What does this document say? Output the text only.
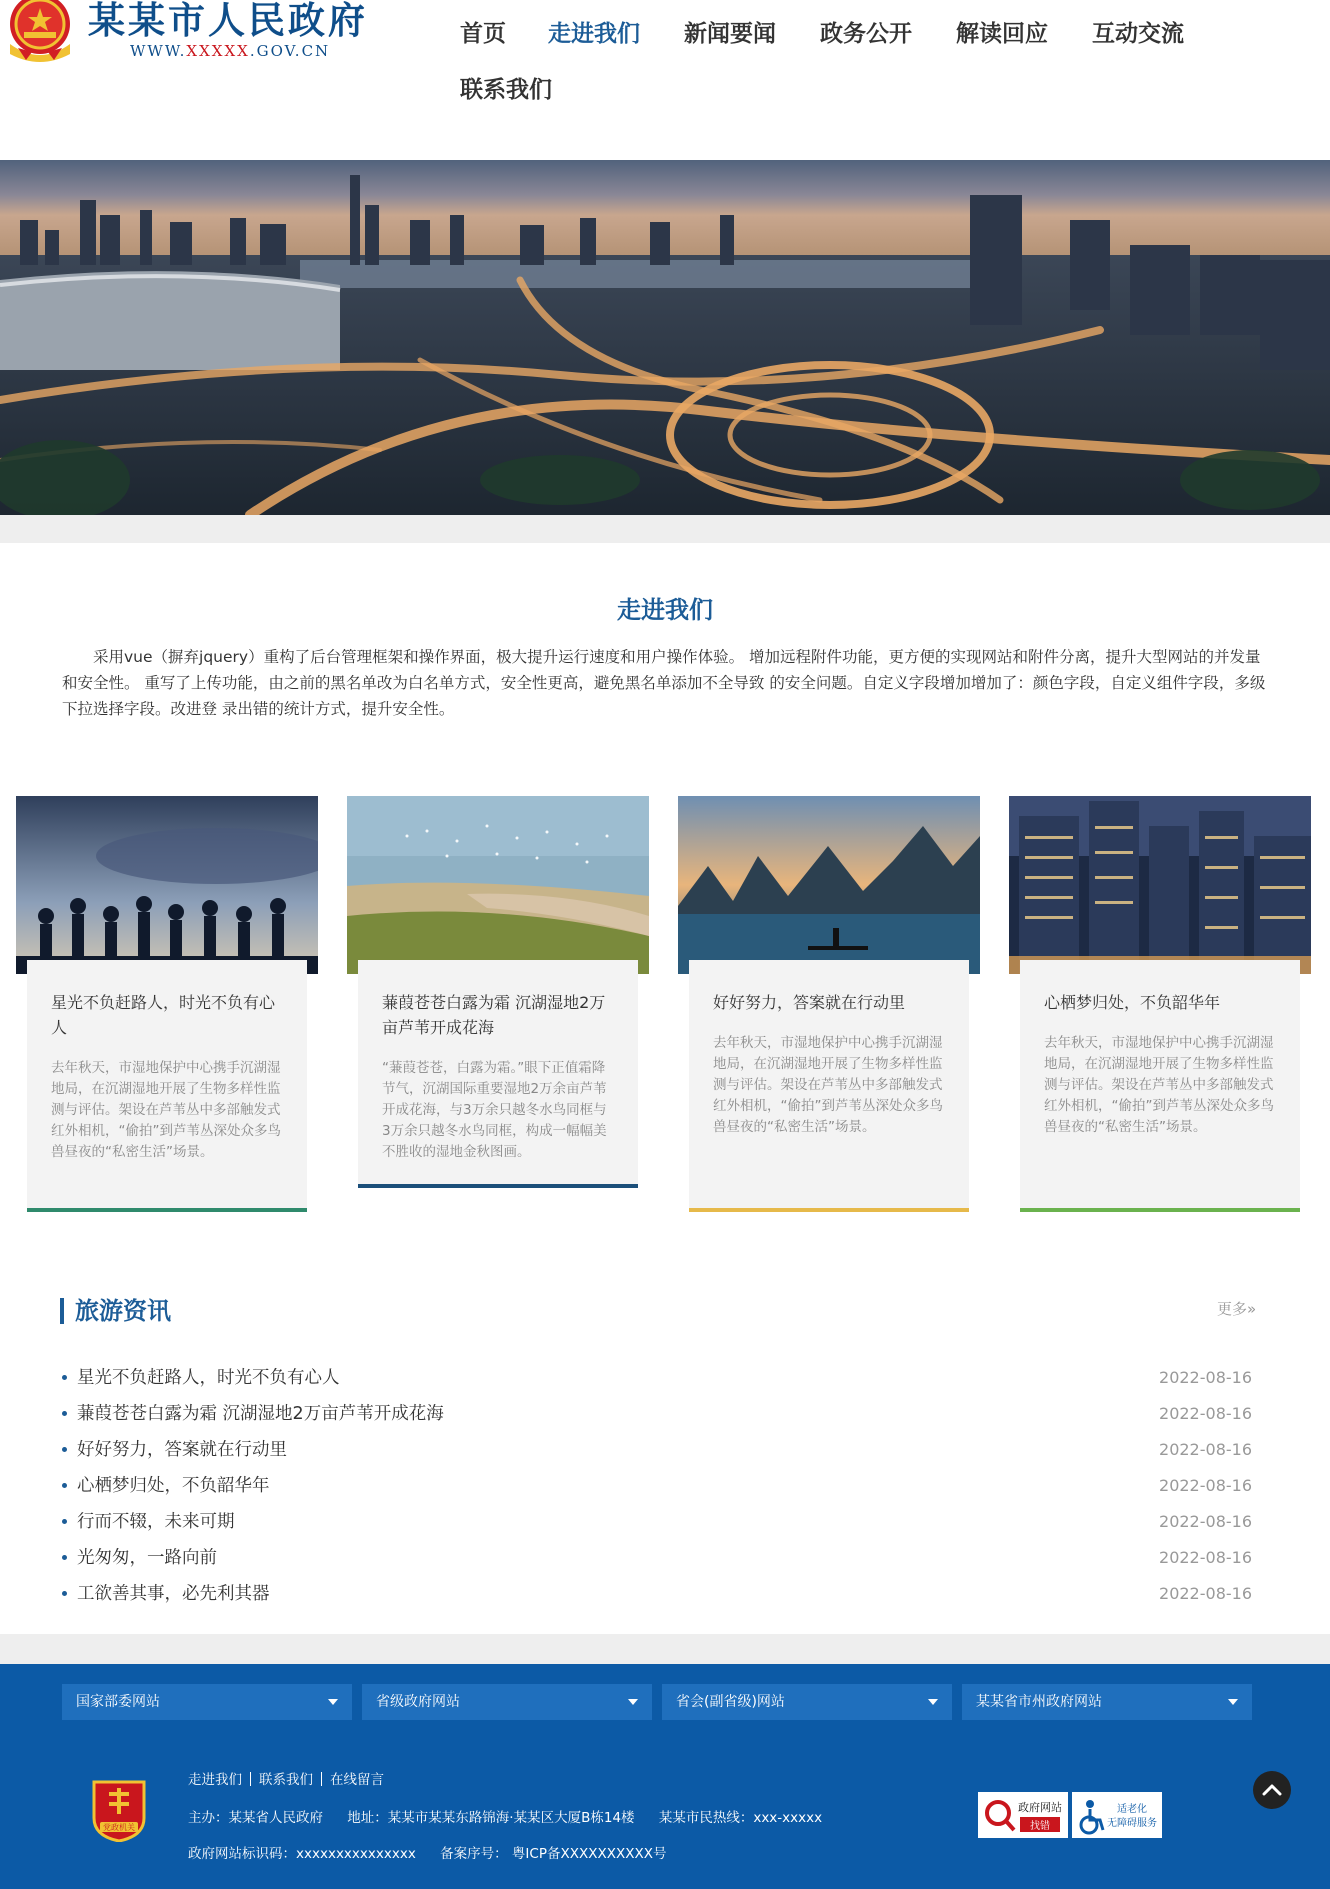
某某市人民政府
WWW.XXXXX.GOV.CN
首页 走进我们 新闻要闻 政务公开 解读回应 互动交流
联系我们
走进我们
采用vue（摒弃jquery）重构了后台管理框架和操作界面，极大提升运行速度和用户操作体验。 增加远程附件功能，更方便的实现网站和附件分离，提升大型网站的并发量和安全性。 重写了上传功能，由之前的黑名单改为白名单方式，安全性更高，避免黑名单添加不全导致 的安全问题。自定义字段增加增加了：颜色字段，自定义组件字段，多级下拉选择字段。改进登 录出错的统计方式，提升安全性。
星光不负赶路人，时光不负有心人
去年秋天，市湿地保护中心携手沉湖湿地局，在沉湖湿地开展了生物多样性监测与评估。架设在芦苇丛中多部触发式红外相机，“偷拍”到芦苇丛深处众多鸟兽昼夜的“私密生活”场景。
蒹葭苍苍白露为霜 沉湖湿地2万亩芦苇开成花海
“蒹葭苍苍，白露为霜。”眼下正值霜降节气，沉湖国际重要湿地2万余亩芦苇开成花海，与3万余只越冬水鸟同框与3万余只越冬水鸟同框，构成一幅幅美不胜收的湿地金秋图画。
好好努力，答案就在行动里
去年秋天，市湿地保护中心携手沉湖湿地局，在沉湖湿地开展了生物多样性监测与评估。架设在芦苇丛中多部触发式红外相机，“偷拍”到芦苇丛深处众多鸟兽昼夜的“私密生活”场景。
心栖梦归处，不负韶华年
去年秋天，市湿地保护中心携手沉湖湿地局，在沉湖湿地开展了生物多样性监测与评估。架设在芦苇丛中多部触发式红外相机，“偷拍”到芦苇丛深处众多鸟兽昼夜的“私密生活”场景。
旅游资讯	更多»
星光不负赶路人，时光不负有心人	2022-08-16
蒹葭苍苍白露为霜 沉湖湿地2万亩芦苇开成花海	2022-08-16
好好努力，答案就在行动里	2022-08-16
心栖梦归处，不负韶华年	2022-08-16
行而不辍，未来可期	2022-08-16
光匆匆，一路向前	2022-08-16
工欲善其事，必先利其器	2022-08-16
国家部委网站	省级政府网站	省会(副省级)网站	某某省市州政府网站
党政机关
走进我们 联系我们 在线留言
主办：某某省人民政府 地址：某某市某某东路锦海·某某区大厦B栋14楼 某某市民热线：xxx-xxxxx
政府网站标识码：xxxxxxxxxxxxxxx 备案序号： 粤ICP备XXXXXXXXXX号
政府网站
找错
适老化
无障碍服务
